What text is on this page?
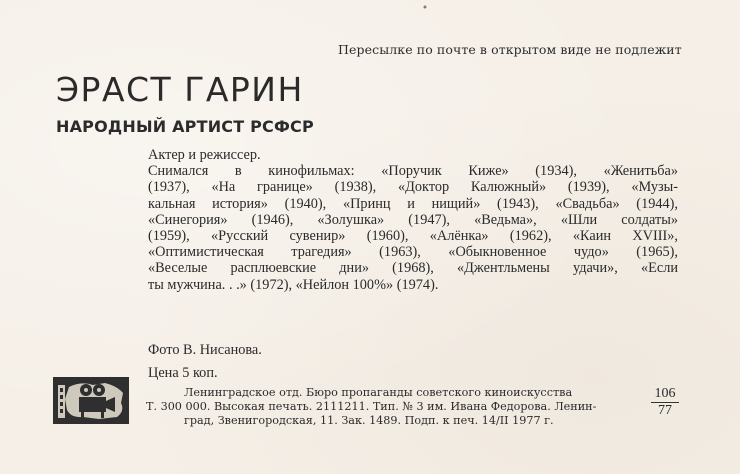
Пересылке по почте в открытом виде не подлежит
ЭРАСТ ГАРИН
НАРОДНЫЙ АРТИСТ РСФСР
Актер и режиссер.
Снимался в кинофильмах: «Поручик Киже» (1934), «Женитьба»
(1937), «На границе» (1938), «Доктор Калюжный» (1939), «Музы-
кальная история» (1940), «Принц и нищий» (1943), «Свадьба» (1944),
«Синегория» (1946), «Золушка» (1947), «Ведьма», «Шли солдаты»
(1959), «Русский сувенир» (1960), «Алёнка» (1962), «Каин XVIII»,
«Оптимистическая трагедия» (1963), «Обыкновенное чудо» (1965),
«Веселые расплюевские дни» (1968), «Джентльмены удачи», «Если
ты мужчина. . .» (1972), «Нейлон 100%» (1974).
Фото В. Нисанова.
Цена 5 коп.
Ленинградское отд. Бюро пропаганды советского киноискусства
Т. 300 000. Высокая печать. 2111211. Тип. № 3 им. Ивана Федорова. Ленин-
град, Звенигородская, 11. Зак. 1489. Подп. к печ. 14/II 1977 г.
106
77
